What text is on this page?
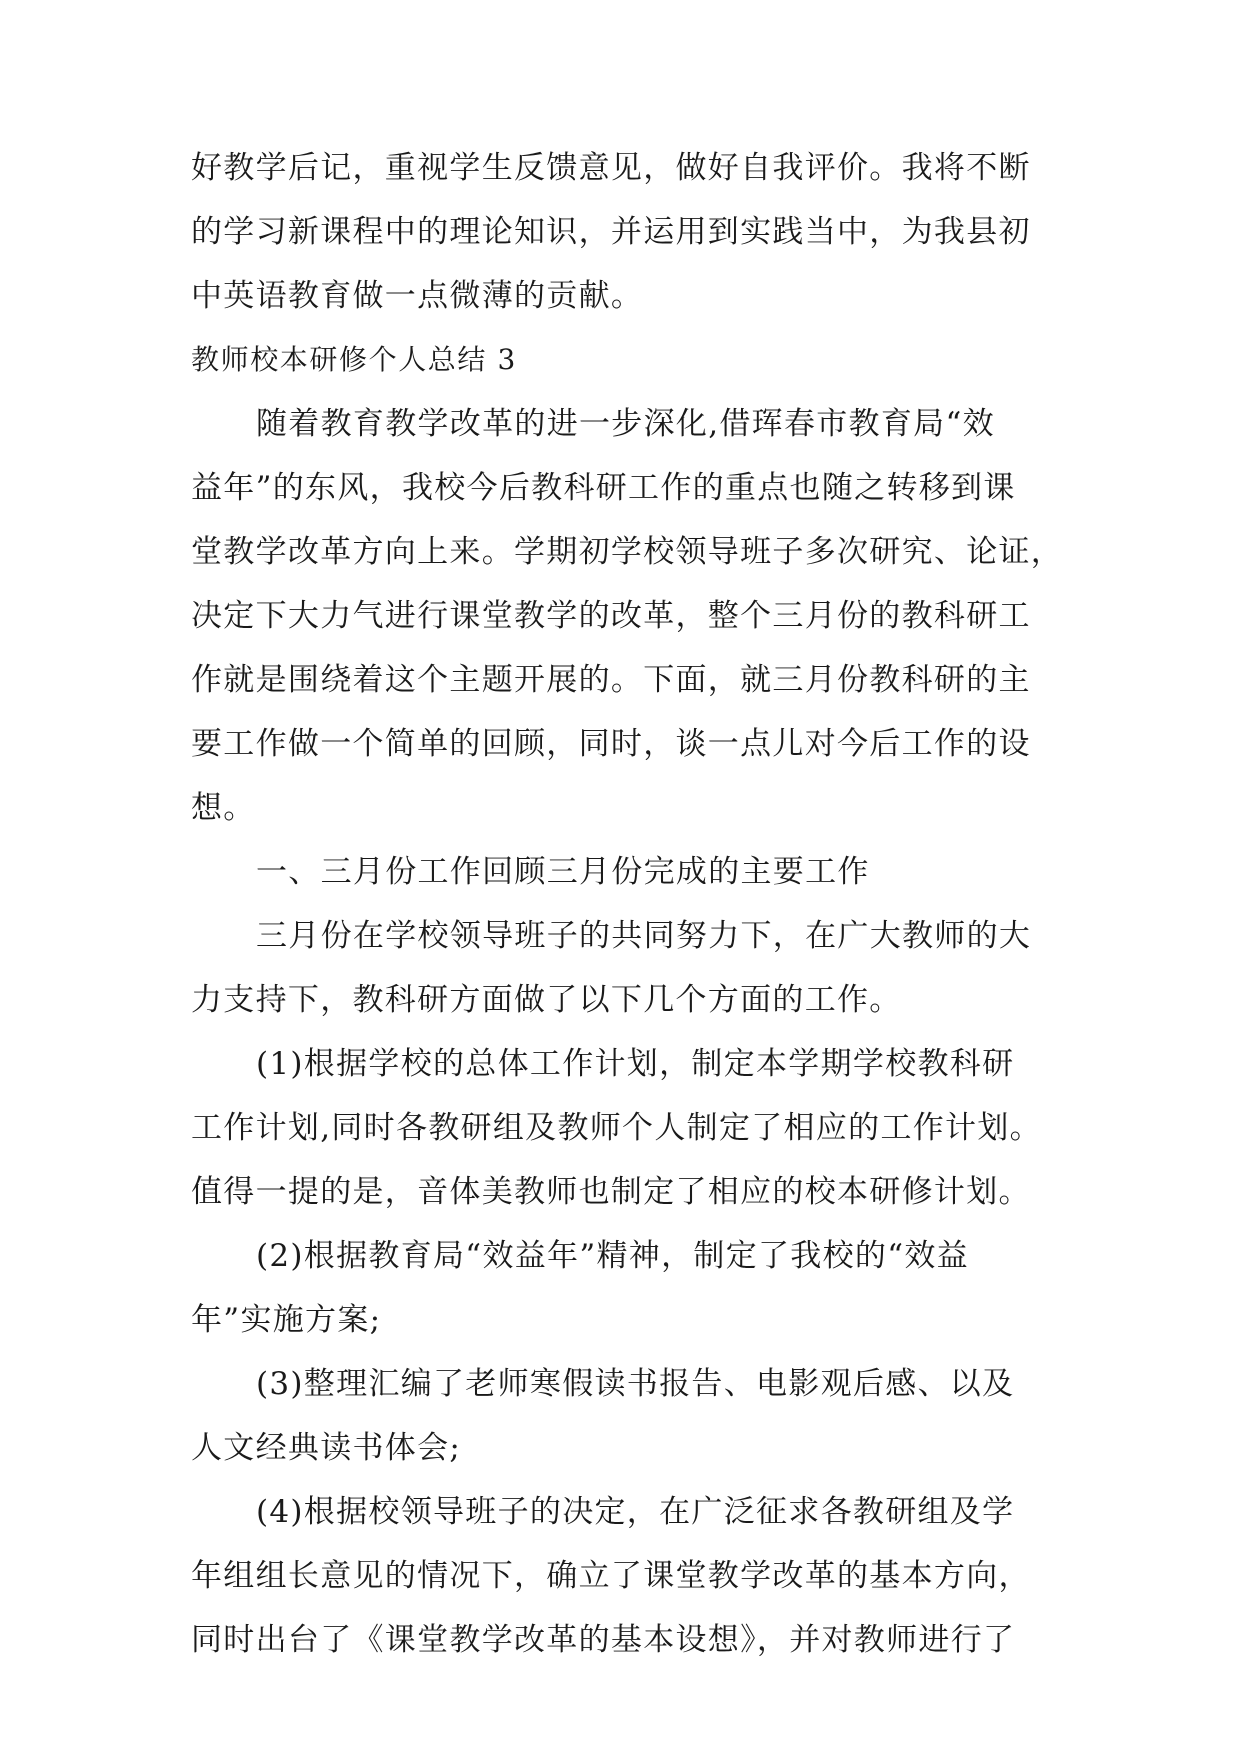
好教学后记，重视学生反馈意见，做好自我评价。我将不断
的学习新课程中的理论知识，并运用到实践当中，为我县初
中英语教育做一点微薄的贡献。
教师校本研修个人总结 3
随着教育教学改革的进一步深化,借珲春市教育局“效
益年”的东风，我校今后教科研工作的重点也随之转移到课
堂教学改革方向上来。学期初学校领导班子多次研究、论证，
决定下大力气进行课堂教学的改革，整个三月份的教科研工
作就是围绕着这个主题开展的。下面，就三月份教科研的主
要工作做一个简单的回顾，同时，谈一点儿对今后工作的设
想。
一、三月份工作回顾三月份完成的主要工作
三月份在学校领导班子的共同努力下，在广大教师的大
力支持下，教科研方面做了以下几个方面的工作。
(1)根据学校的总体工作计划，制定本学期学校教科研
工作计划,同时各教研组及教师个人制定了相应的工作计划。
值得一提的是，音体美教师也制定了相应的校本研修计划。
(2)根据教育局“效益年”精神，制定了我校的“效益
年”实施方案;
(3)整理汇编了老师寒假读书报告、电影观后感、以及
人文经典读书体会;
(4)根据校领导班子的决定，在广泛征求各教研组及学
年组组长意见的情况下，确立了课堂教学改革的基本方向，
同时出台了《课堂教学改革的基本设想》，并对教师进行了
